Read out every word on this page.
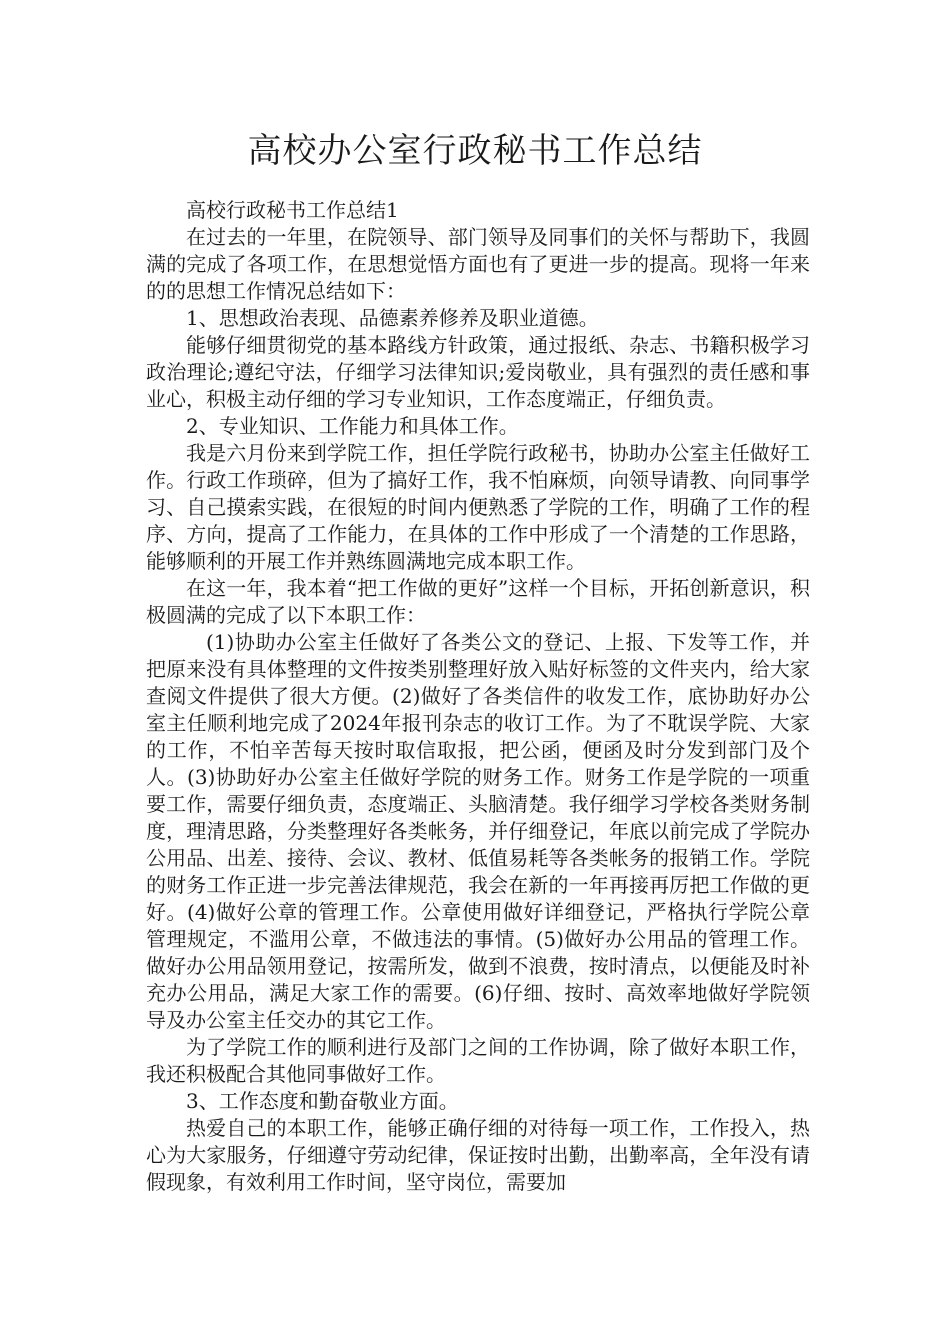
高校办公室行政秘书工作总结

高校行政秘书工作总结1

在过去的一年里，在院领导、部门领导及同事们的关怀与帮助下，我圆满的完成了各项工作，在思想觉悟方面也有了更进一步的提高。现将一年来的的思想工作情况总结如下：

1、思想政治表现、品德素养修养及职业道德。

能够仔细贯彻党的基本路线方针政策，通过报纸、杂志、书籍积极学习政治理论;遵纪守法，仔细学习法律知识;爱岗敬业，具有强烈的责任感和事业心，积极主动仔细的学习专业知识，工作态度端正，仔细负责。

2、专业知识、工作能力和具体工作。

我是六月份来到学院工作，担任学院行政秘书，协助办公室主任做好工作。行政工作琐碎，但为了搞好工作，我不怕麻烦，向领导请教、向同事学习、自己摸索实践，在很短的时间内便熟悉了学院的工作，明确了工作的程序、方向，提高了工作能力，在具体的工作中形成了一个清楚的工作思路，能够顺利的开展工作并熟练圆满地完成本职工作。

在这一年，我本着“把工作做的更好”这样一个目标，开拓创新意识，积极圆满的完成了以下本职工作：

(1)协助办公室主任做好了各类公文的登记、上报、下发等工作，并把原来没有具体整理的文件按类别整理好放入贴好标签的文件夹内，给大家查阅文件提供了很大方便。(2)做好了各类信件的收发工作，底协助好办公室主任顺利地完成了2024年报刊杂志的收订工作。为了不耽误学院、大家的工作，不怕辛苦每天按时取信取报，把公函，便函及时分发到部门及个人。(3)协助好办公室主任做好学院的财务工作。财务工作是学院的一项重要工作，需要仔细负责，态度端正、头脑清楚。我仔细学习学校各类财务制度，理清思路，分类整理好各类帐务，并仔细登记，年底以前完成了学院办公用品、出差、接待、会议、教材、低值易耗等各类帐务的报销工作。学院的财务工作正进一步完善法律规范，我会在新的一年再接再厉把工作做的更好。(4)做好公章的管理工作。公章使用做好详细登记，严格执行学院公章管理规定，不滥用公章，不做违法的事情。(5)做好办公用品的管理工作。做好办公用品领用登记，按需所发，做到不浪费，按时清点，以便能及时补充办公用品，满足大家工作的需要。(6)仔细、按时、高效率地做好学院领导及办公室主任交办的其它工作。

为了学院工作的顺利进行及部门之间的工作协调，除了做好本职工作，我还积极配合其他同事做好工作。

3、工作态度和勤奋敬业方面。

热爱自己的本职工作，能够正确仔细的对待每一项工作，工作投入，热心为大家服务，仔细遵守劳动纪律，保证按时出勤，出勤率高，全年没有请假现象，有效利用工作时间，坚守岗位，需要加
